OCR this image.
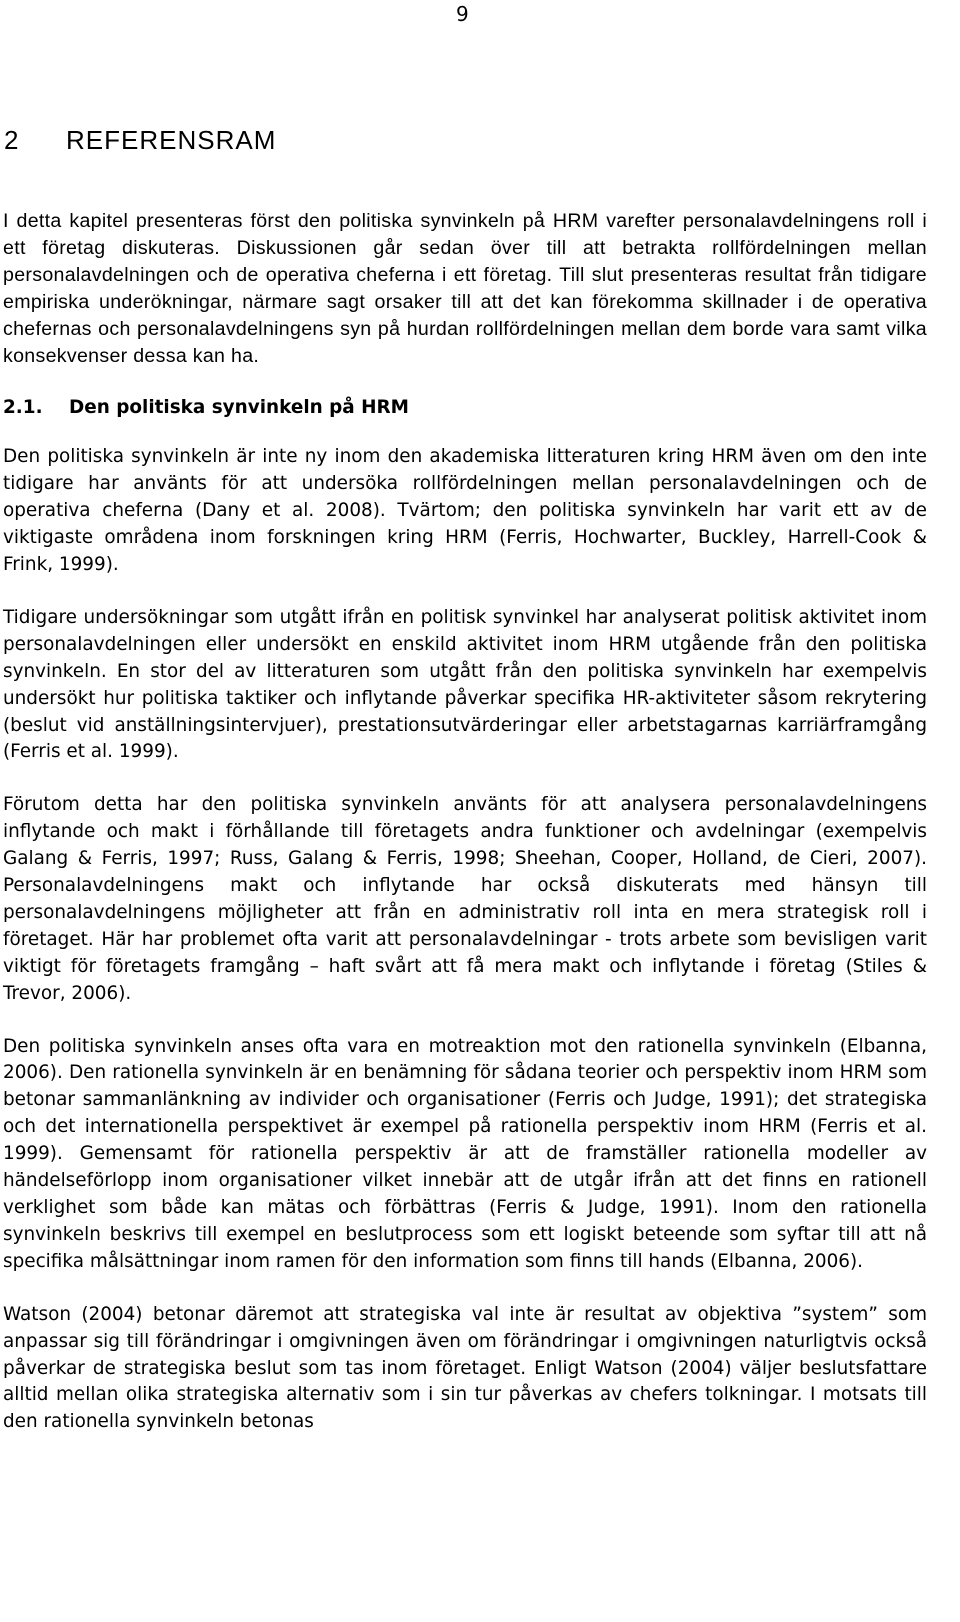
9
2 REFERENSRAM

I detta kapitel presenteras först den politiska synvinkeln på HRM varefter personalavdelningens roll i ett företag diskuteras. Diskussionen går sedan över till att betrakta rollfördelningen mellan personalavdelningen och de operativa cheferna i ett företag. Till slut presenteras resultat från tidigare empiriska underökningar, närmare sagt orsaker till att det kan förekomma skillnader i de operativa chefernas och personalavdelningens syn på hurdan rollfördelningen mellan dem borde vara samt vilka konsekvenser dessa kan ha.

2.1. Den politiska synvinkeln på HRM

Den politiska synvinkeln är inte ny inom den akademiska litteraturen kring HRM även om den inte tidigare har använts för att undersöka rollfördelningen mellan personalavdelningen och de operativa cheferna (Dany et al. 2008). Tvärtom; den politiska synvinkeln har varit ett av de viktigaste områdena inom forskningen kring HRM (Ferris, Hochwarter, Buckley, Harrell-Cook & Frink, 1999).

Tidigare undersökningar som utgått ifrån en politisk synvinkel har analyserat politisk aktivitet inom personalavdelningen eller undersökt en enskild aktivitet inom HRM utgående från den politiska synvinkeln. En stor del av litteraturen som utgått från den politiska synvinkeln har exempelvis undersökt hur politiska taktiker och inflytande påverkar specifika HR-aktiviteter såsom rekrytering (beslut vid anställningsintervjuer), prestationsutvärderingar eller arbetstagarnas karriärframgång (Ferris et al. 1999).

Förutom detta har den politiska synvinkeln använts för att analysera personalavdelningens inflytande och makt i förhållande till företagets andra funktioner och avdelningar (exempelvis Galang & Ferris, 1997; Russ, Galang & Ferris, 1998; Sheehan, Cooper, Holland, de Cieri, 2007). Personalavdelningens makt och inflytande har också diskuterats med hänsyn till personalavdelningens möjligheter att från en administrativ roll inta en mera strategisk roll i företaget. Här har problemet ofta varit att personalavdelningar - trots arbete som bevisligen varit viktigt för företagets framgång – haft svårt att få mera makt och inflytande i företag (Stiles & Trevor, 2006).

Den politiska synvinkeln anses ofta vara en motreaktion mot den rationella synvinkeln (Elbanna, 2006). Den rationella synvinkeln är en benämning för sådana teorier och perspektiv inom HRM som betonar sammanlänkning av individer och organisationer (Ferris och Judge, 1991); det strategiska och det internationella perspektivet är exempel på rationella perspektiv inom HRM (Ferris et al. 1999). Gemensamt för rationella perspektiv är att de framställer rationella modeller av händelseförlopp inom organisationer vilket innebär att de utgår ifrån att det finns en rationell verklighet som både kan mätas och förbättras (Ferris & Judge, 1991). Inom den rationella synvinkeln beskrivs till exempel en beslutprocess som ett logiskt beteende som syftar till att nå specifika målsättningar inom ramen för den information som finns till hands (Elbanna, 2006).

Watson (2004) betonar däremot att strategiska val inte är resultat av objektiva ”system” som anpassar sig till förändringar i omgivningen även om förändringar i omgivningen naturligtvis också påverkar de strategiska beslut som tas inom företaget. Enligt Watson (2004) väljer beslutsfattare alltid mellan olika strategiska alternativ som i sin tur påverkas av chefers tolkningar. I motsats till den rationella synvinkeln betonas
